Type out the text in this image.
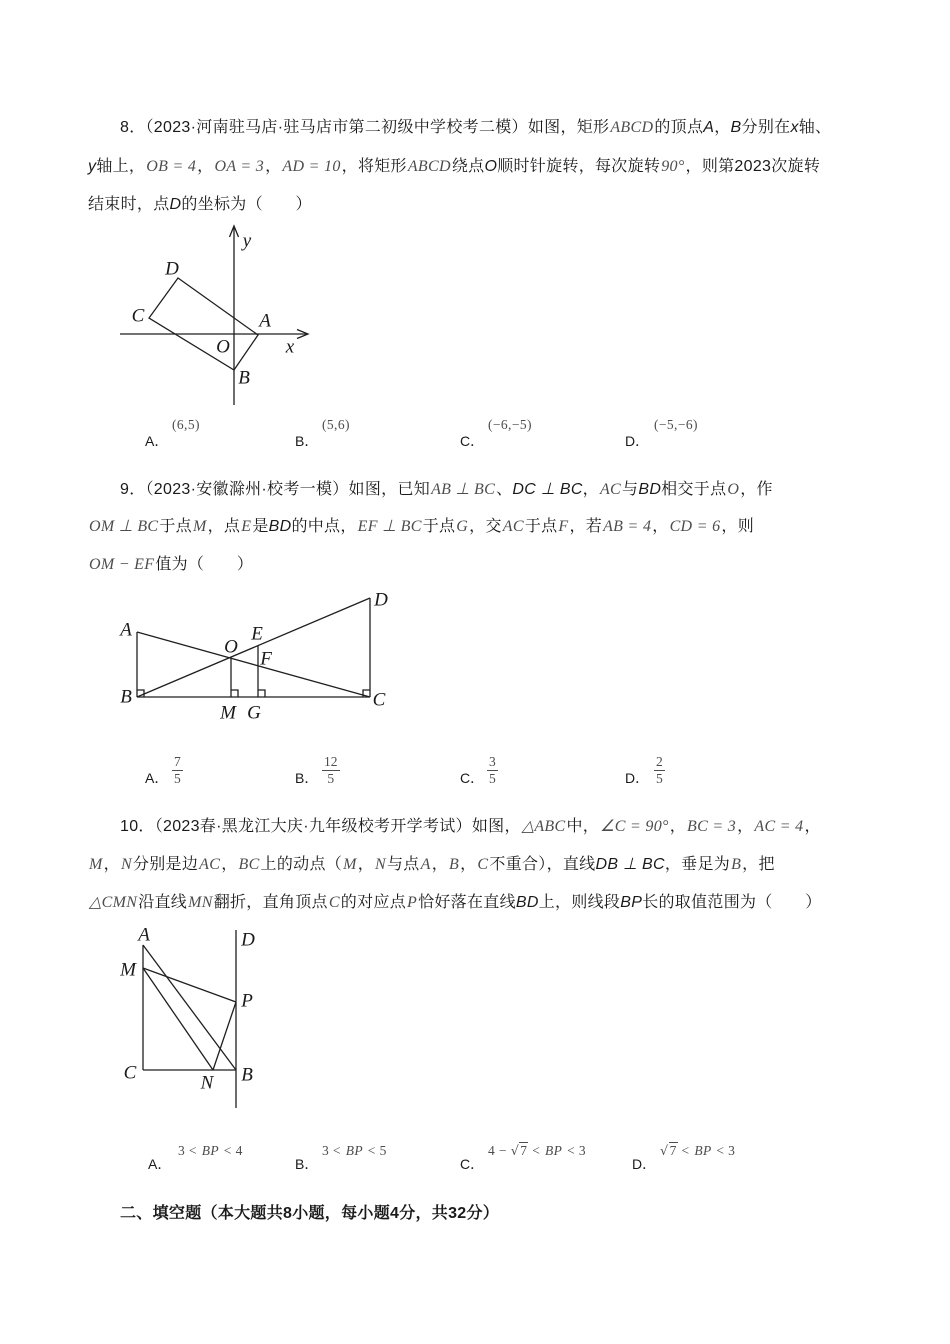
8．（2023·河南驻马店·驻马店市第二初级中学校考二模）如图，矩形ABCD的顶点A，B分别在x轴、
y轴上，OB = 4，OA = 3，AD = 10，将矩形ABCD绕点O顺时针旋转，每次旋转90°，则第2023次旋转
结束时，点D的坐标为（　　）
y
D
C	A
O	x
B
A．
(6,5)
B．
(5,6)
C．
(−6,−5)
D．
(−5,−6)
9．（2023·安徽滁州·校考一模）如图，已知AB ⊥ BC、DC ⊥ BC，AC与BD相交于点O，作
OM ⊥ BC于点M，点E是BD的中点，EF ⊥ BC于点G，交AC于点F，若AB = 4，CD = 6，则
OM − EF值为（　　）
A
B	C
D
O
E
F
M G
A． $\frac{7}{5}$	B． $\frac{12}{5}$	C． $\frac{3}{5}$	D． $\frac{2}{5}$
10．（2023春·黑龙江大庆·九年级校考开学考试）如图，△ABC中，∠C = 90°，BC = 3，AC = 4，
M，N分别是边AC，BC上的动点（M，N与点A，B，C不重合），直线DB ⊥ BC，垂足为B，把
△CMN沿直线MN翻折，直角顶点C的对应点P恰好落在直线BD上，则线段BP长的取值范围为（　　）
A
M
D
P
C	N B
A．
3 < BP < 4
B．
3 < BP < 5
C．
4 − √7 < BP < 3
D．
√7 < BP < 3
二、填空题（本大题共8小题，每小题4分，共32分）
